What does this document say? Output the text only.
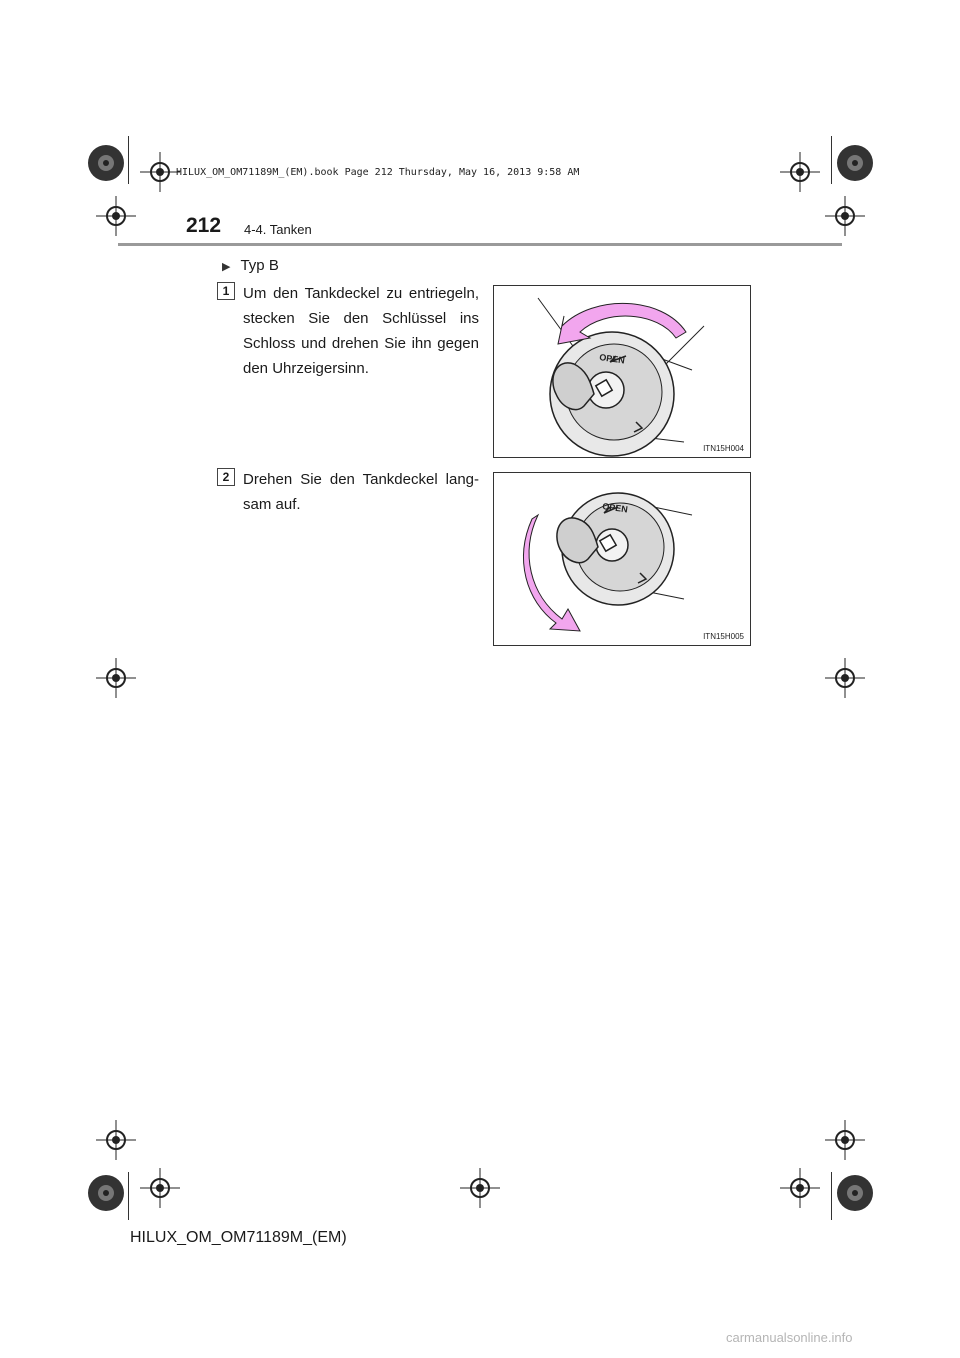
HILUX_OM_OM71189M_(EM).book Page 212 Thursday, May 16, 2013 9:58 AM
212 4-4. Tanken
▶ Typ B
1 Um den Tankdeckel zu entriegeln, stecken Sie den Schlüssel ins Schloss und drehen Sie ihn gegen den Uhrzeigersinn.
OPEN
ITN15H004
2 Drehen Sie den Tankdeckel lang-sam auf.	OPEN
ITN15H005
HILUX_OM_OM71189M_(EM)
carmanualsonline.info
